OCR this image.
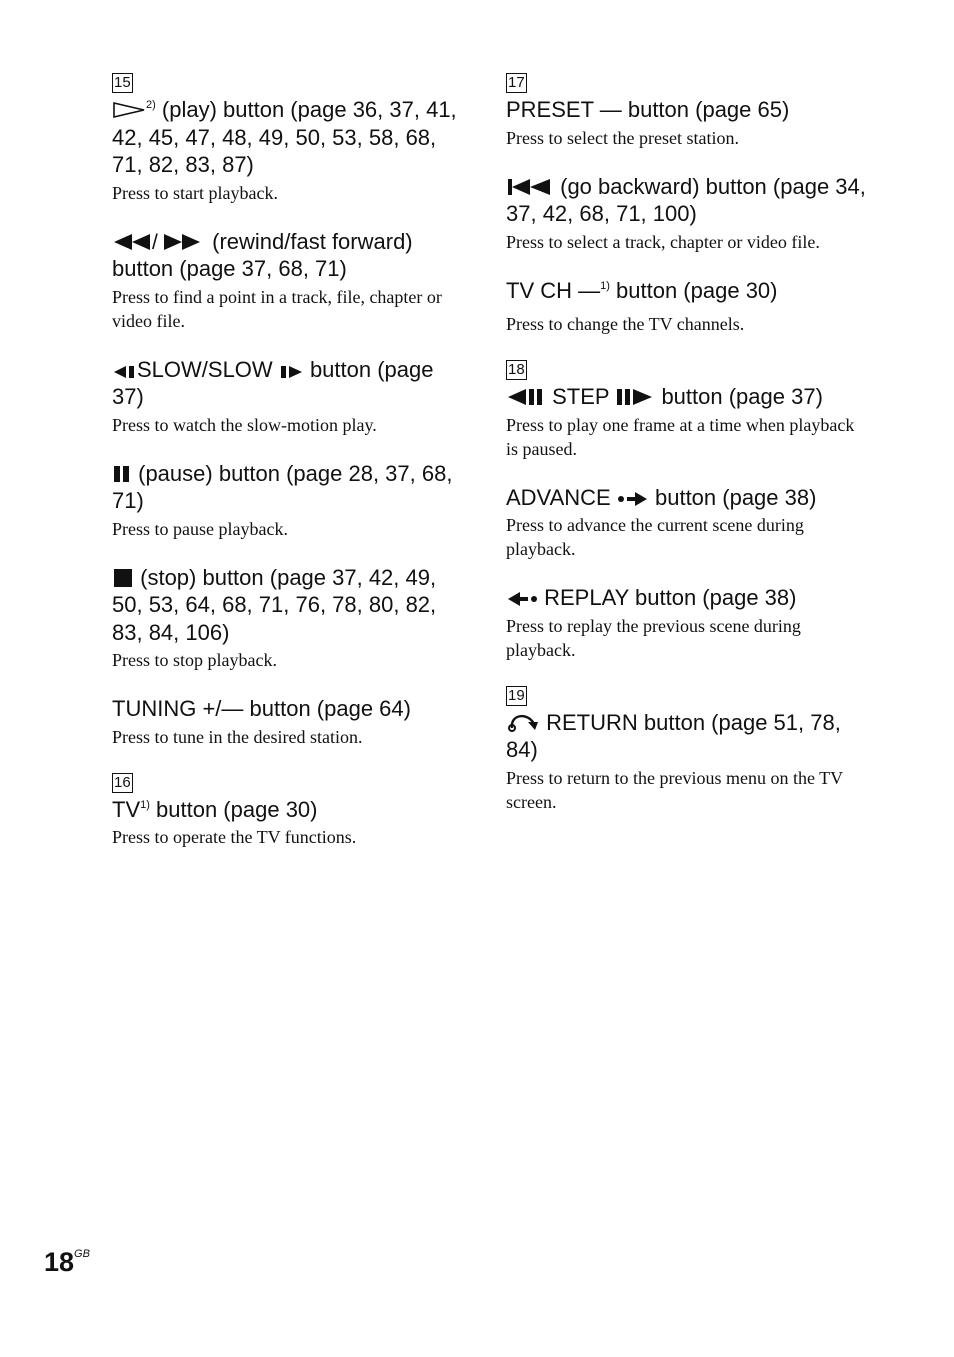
15

$^{2)}$ (play) button (page 36, 37, 41, 42, 45, 47, 48, 49, 50, 53, 58, 68, 71, 82, 83, 87)

Press to start playback.

/ (rewind/fast forward) button (page 37, 68, 71)

Press to find a point in a track, file, chapter or video file.

SLOW/SLOW button (page 37)

Press to watch the slow-motion play.

(pause) button (page 28, 37, 68, 71)

Press to pause playback.

(stop) button (page 37, 42, 49, 50, 53, 64, 68, 71, 76, 78, 80, 82, 83, 84, 106)

Press to stop playback.

TUNING +/— button (page 64)

Press to tune in the desired station.

16

TV$^{1)}$ button (page 30)

Press to operate the TV functions.

17

PRESET — button (page 65)

Press to select the preset station.

(go backward) button (page 34, 37, 42, 68, 71, 100)

Press to select a track, chapter or video file.

TV CH —$^{1)}$ button (page 30)

Press to change the TV channels.

18

STEP button (page 37)

Press to play one frame at a time when playback is paused.

ADVANCE button (page 38)

Press to advance the current scene during playback.

REPLAY button (page 38)

Press to replay the previous scene during playback.

19

RETURN button (page 51, 78, 84)

Press to return to the previous menu on the TV screen.

$18^{GB}$
